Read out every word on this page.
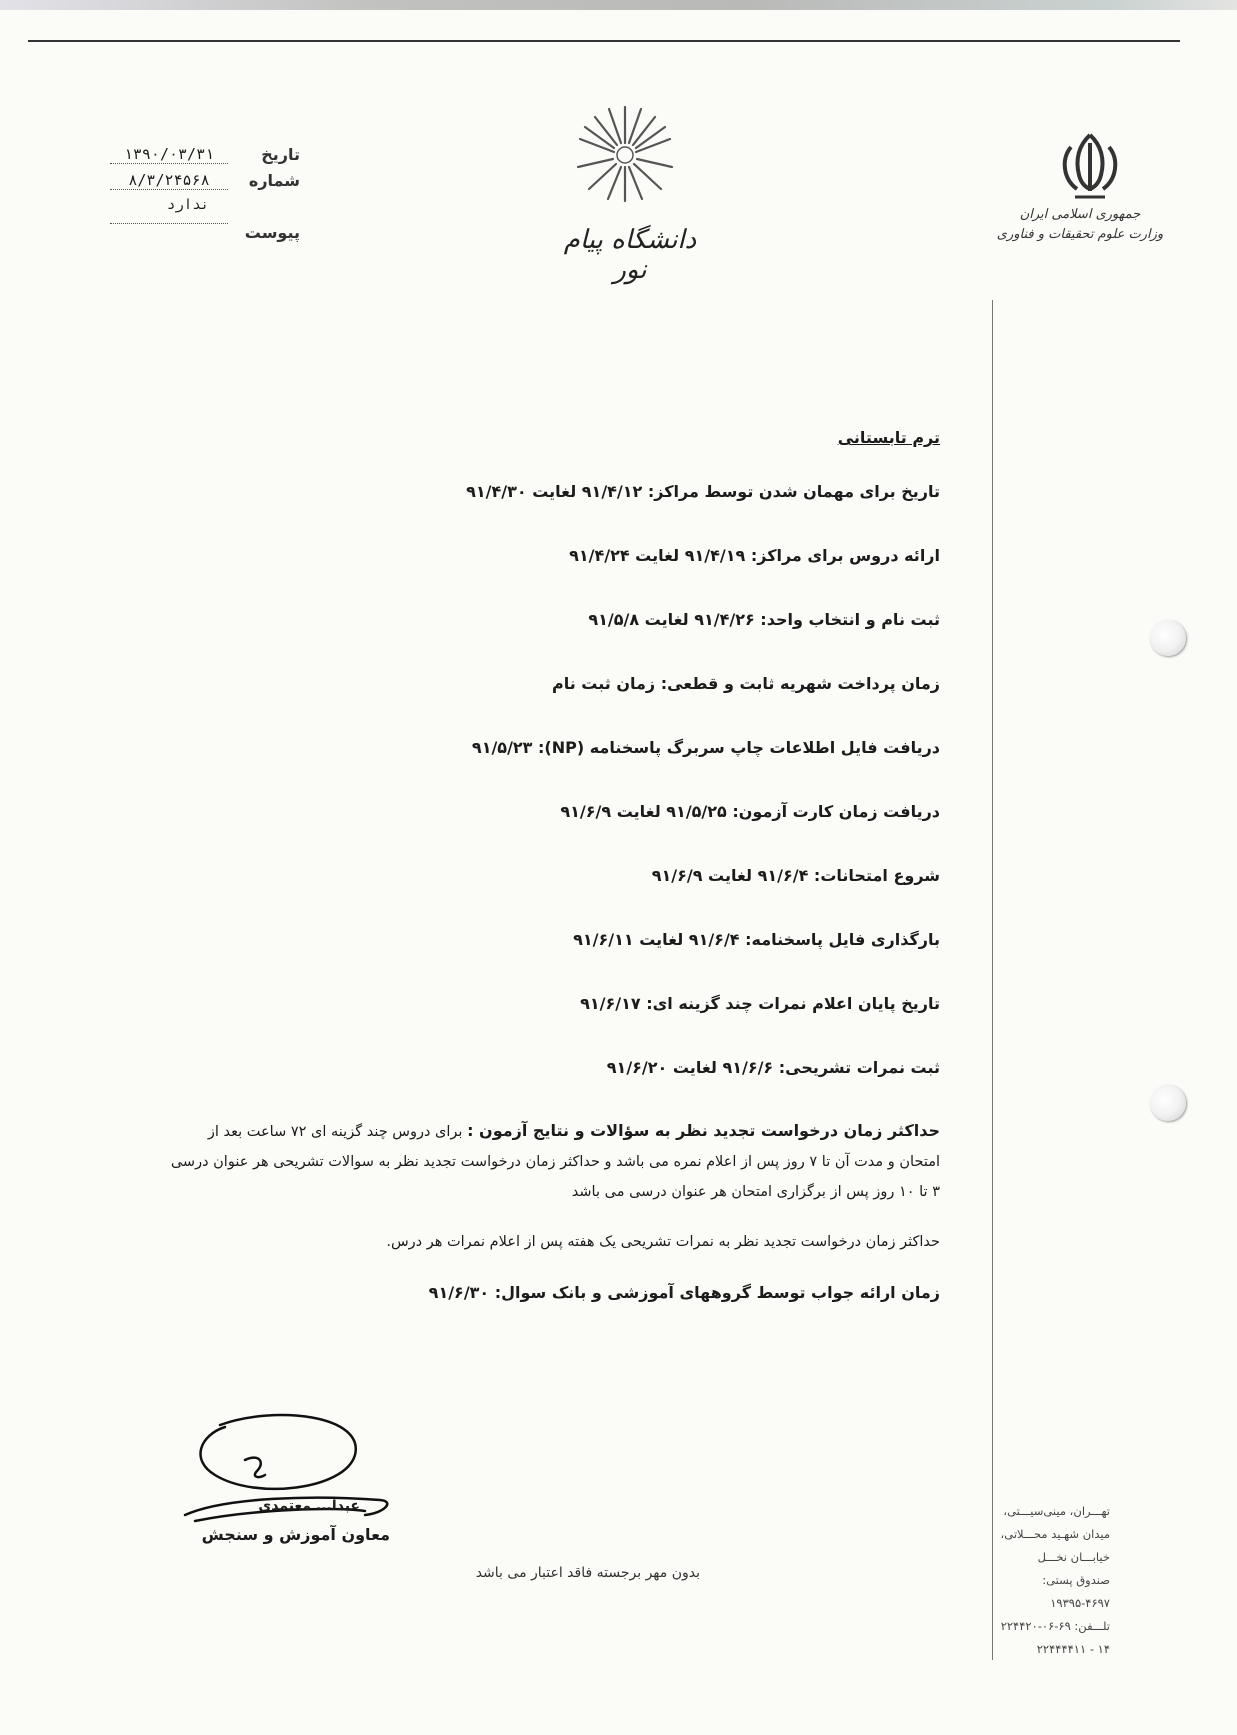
تاریخ
۱۳۹۰/۰۳/۳۱
شماره
۸/۳/۲۴۵۶۸
ندارد
پیوست	دانشگاه پیام نور
جمهوری اسلامی ایران
وزارت علوم تحقیقات و فناوری
تهـــران، مینی‌سیـــتی،
میدان شهـید محـــلاتی،
خیابـــان نخـــل
صندوق پستی: ۴۶۹۷-۱۹۳۹۵
تلـــفن: ۶۹-۰۶-۲۲۴۴۲۰
۱۴ - ۲۲۴۴۴۴۱۱
ترم تابستانی
تاریخ برای مهمان شدن توسط مراکز: ۹۱/۴/۱۲ لغایت ۹۱/۴/۳۰
ارائه دروس برای مراکز: ۹۱/۴/۱۹ لغایت ۹۱/۴/۲۴
ثبت نام و انتخاب واحد: ۹۱/۴/۲۶ لغایت ۹۱/۵/۸
زمان پرداخت شهریه ثابت و قطعی: زمان ثبت نام
دریافت فایل اطلاعات چاپ سربرگ پاسخنامه (NP): ۹۱/۵/۲۳
دریافت زمان کارت آزمون: ۹۱/۵/۲۵ لغایت ۹۱/۶/۹
شروع امتحانات: ۹۱/۶/۴ لغایت ۹۱/۶/۹
بارگذاری فایل پاسخنامه: ۹۱/۶/۴ لغایت ۹۱/۶/۱۱
تاریخ پایان اعلام نمرات چند گزینه ای: ۹۱/۶/۱۷
ثبت نمرات تشریحی: ۹۱/۶/۶ لغایت ۹۱/۶/۲۰
حداکثر زمان درخواست تجدید نظر به سؤالات و نتایج آزمون : برای دروس چند گزینه ای ۷۲ ساعت بعد از امتحان و مدت آن تا ۷ روز پس از اعلام نمره می باشد و حداکثر زمان درخواست تجدید نظر به سوالات تشریحی هر عنوان درسی ۳ تا ۱۰ روز پس از برگزاری امتحان هر عنوان درسی می باشد
حداکثر زمان درخواست تجدید نظر به نمرات تشریحی یک هفته پس از اعلام نمرات هر درس.
زمان ارائه جواب توسط گروههای آموزشی و بانک سوال: ۹۱/۶/۳۰
عبدا... معتمدی
معاون آموزش و سنجش
بدون مهر برجسته فاقد اعتبار می باشد
